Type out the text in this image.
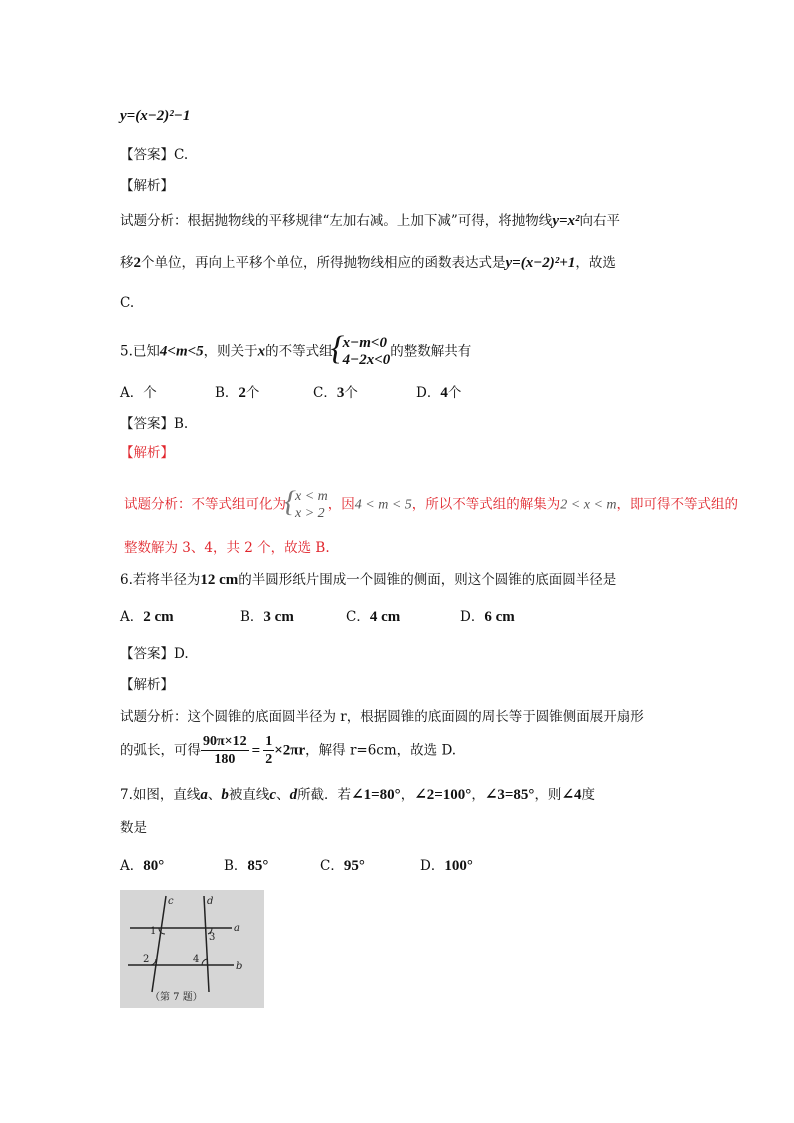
y=(x−2)²−1
【答案】C.
【解析】
试题分析：根据抛物线的平移规律“左加右减。上加下减”可得，将抛物线y=x²向右平
移2个单位，再向上平移个单位，所得抛物线相应的函数表达式是y=(x−2)²+1，故选
C.
5.已知4<m<5，则关于x的不等式组
{
x−m<0
4−2x<0
的整数解共有
A．个	B．2个	C．3个	D．4个
【答案】B.
【解析】
试题分析：不等式组可化为
{ x < m
x > 2
，因4 < m < 5，所以不等式组的解集为2 < x < m，即可得不等式组的
整数解为 3、4，共 2 个，故选 B.
6.若将半径为12 cm的半圆形纸片围成一个圆锥的侧面，则这个圆锥的底面圆半径是
A．2 cm	B．3 cm	C．4 cm	D．6 cm
【答案】D.
【解析】
试题分析：这个圆锥的底面圆半径为 r，根据圆锥的底面圆的周长等于圆锥侧面展开扇形
的弧长，可得 $\frac{90\pi\times 12}{180} = \frac{1}{2} \times 2\pi r$，解得 r=6cm，故选 D.
7.如图，直线a、b被直线c、d所截．若∠1=80°，∠2=100°，∠3=85°，则∠4度
数是
A．80°	B．85°	C．95°	D．100°
c	d
a
b
1
3
2	4
（第 7 题）
